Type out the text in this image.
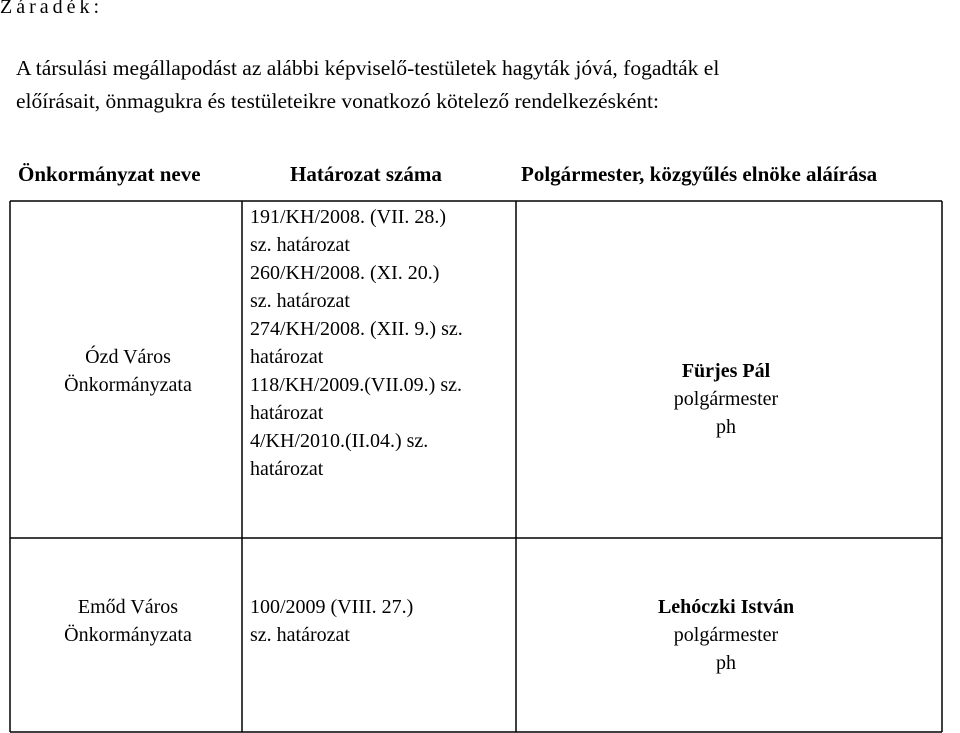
Záradék:
A társulási megállapodást az alábbi képviselő-testületek hagyták jóvá, fogadták el
előírásait, önmagukra és testületeikre vonatkozó kötelező rendelkezésként:
Önkormányzat neve	Határozat száma	Polgármester, közgyűlés elnöke aláírása
Ózd Város
Önkormányzata
191/KH/2008. (VII. 28.)
sz. határozat
260/KH/2008. (XI. 20.)
sz. határozat
274/KH/2008. (XII. 9.) sz.
határozat
118/KH/2009.(VII.09.) sz.
határozat
4/KH/2010.(II.04.) sz.
határozat
Fürjes Pál
polgármester
ph
Emőd Város
Önkormányzata
100/2009 (VIII. 27.)
sz. határozat
Lehóczki István
polgármester
ph
